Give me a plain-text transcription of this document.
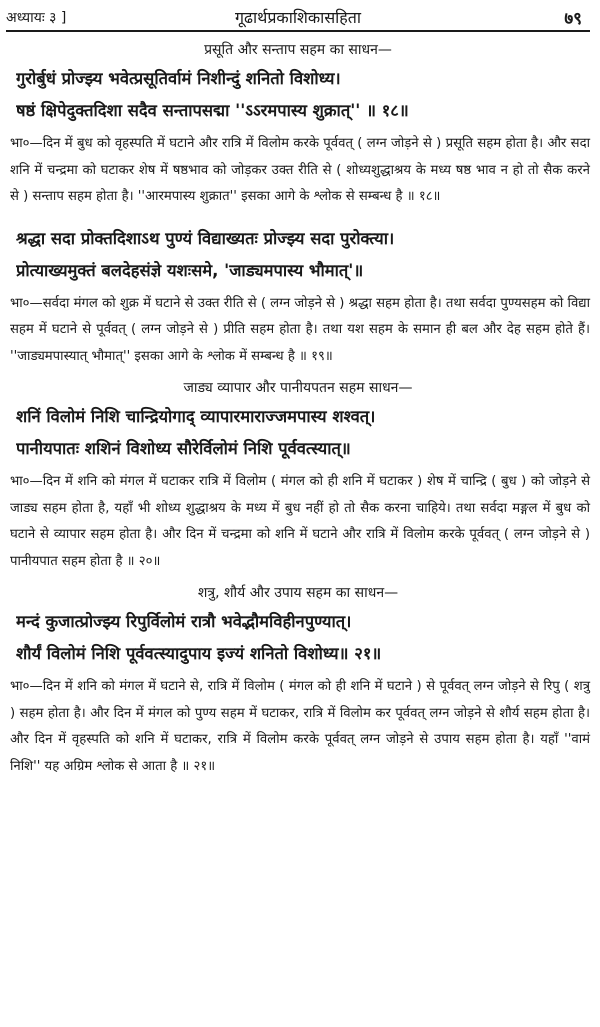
अध्यायः ३ ]	गूढार्थप्रकाशिकासहिता	७९
प्रसूति और सन्ताप सहम का साधन—
गुरोर्बुधं प्रोज्झ्य भवेत्प्रसूतिर्वामं निशीन्दुं शनितो विशोध्य।
षष्ठं क्षिपेदुक्तदिशा सदैव सन्तापसद्मा ''ऽऽरमपास्य शुक्रात्'' ॥ १८॥
भा०—दिन में बुध को वृहस्पति में घटाने और रात्रि में विलोम करके पूर्ववत् ( लग्न जोड़ने से ) प्रसूति सहम होता है। और सदा शनि में चन्द्रमा को घटाकर शेष में षष्ठभाव को जोड़कर उक्त रीति से ( शोध्यशुद्धाश्रय के मध्य षष्ठ भाव न हो तो सैक करने से ) सन्ताप सहम होता है। ''आरमपास्य शुक्रात'' इसका आगे के श्लोक से सम्बन्ध है ॥ १८॥
श्रद्धा सदा प्रोक्तदिशाऽथ पुण्यं विद्याख्यतः प्रोज्झ्य सदा पुरोक्त्या।
प्रोत्याख्यमुक्तं बलदेहसंज्ञे यशःसमे, 'जाड्यमपास्य भौमात्'॥
भा०—सर्वदा मंगल को शुक्र में घटाने से उक्त रीति से ( लग्न जोड़ने से ) श्रद्धा सहम होता है। तथा सर्वदा पुण्यसहम को विद्या सहम में घटाने से पूर्ववत् ( लग्न जोड़ने से ) प्रीति सहम होता है। तथा यश सहम के समान ही बल और देह सहम होते हैं। ''जाड्यमपास्यात् भौमात्'' इसका आगे के श्लोक में सम्बन्ध है ॥ १९॥
जाड्य व्यापार और पानीयपतन सहम साधन—
शनिं विलोमं निशि चान्द्रियोगाद् व्यापारमाराज्जमपास्य शश्वत्।
पानीयपातः शशिनं विशोध्य सौरेर्विलोमं निशि पूर्ववत्स्यात्॥
भा०—दिन में शनि को मंगल में घटाकर रात्रि में विलोम ( मंगल को ही शनि में घटाकर ) शेष में चान्द्रि ( बुध ) को जोड़ने से जाड्य सहम होता है, यहाँ भी शोध्य शुद्धाश्रय के मध्य में बुध नहीं हो तो सैक करना चाहिये। तथा सर्वदा मङ्गल में बुध को घटाने से व्यापार सहम होता है। और दिन में चन्द्रमा को शनि में घटाने और रात्रि में विलोम करके पूर्ववत् ( लग्न जोड़ने से ) पानीयपात सहम होता है ॥ २०॥
शत्रु, शौर्य और उपाय सहम का साधन—
मन्दं कुजात्प्रोज्झ्य रिपुर्विलोमं रात्रौ भवेद्भौमविहीनपुण्यात्।
शौर्यं विलोमं निशि पूर्ववत्स्यादुपाय इज्यं शनितो विशोध्य॥ २१॥
भा०—दिन में शनि को मंगल में घटाने से, रात्रि में विलोम ( मंगल को ही शनि में घटाने ) से पूर्ववत् लग्न जोड़ने से रिपु ( शत्रु ) सहम होता है। और दिन में मंगल को पुण्य सहम में घटाकर, रात्रि में विलोम कर पूर्ववत् लग्न जोड़ने से शौर्य सहम होता है। और दिन में वृहस्पति को शनि में घटाकर, रात्रि में विलोम करके पूर्ववत् लग्न जोड़ने से उपाय सहम होता है। यहाँ ''वामं निशि'' यह अग्रिम श्लोक से आता है ॥ २१॥
